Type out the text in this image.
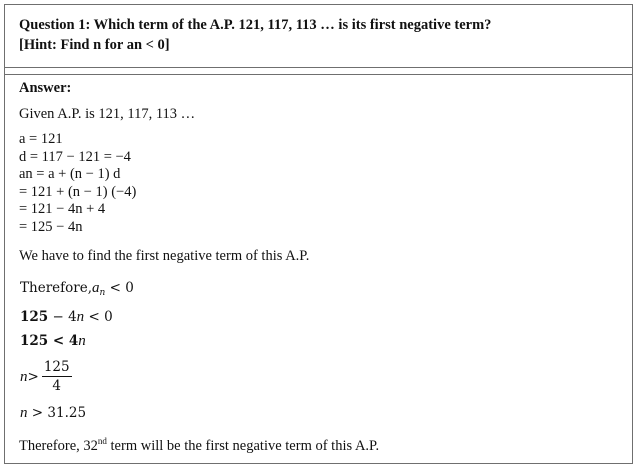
Question 1: Which term of the A.P. 121, 117, 113 … is its first negative term?
[Hint: Find n for an < 0]
Answer:
Given A.P. is 121, 117, 113 …
a = 121
d = 117 − 121 = −4
an = a + (n − 1) d
= 121 + (n − 1) (−4)
= 121 − 4n + 4
= 125 − 4n
We have to find the first negative term of this A.P.
$Therefore,a_n < 0$
125 − 4n < 0
125 < 4n
$n > \frac{125}{4}$
n > 31.25
Therefore, 32nd term will be the first negative term of this A.P.
